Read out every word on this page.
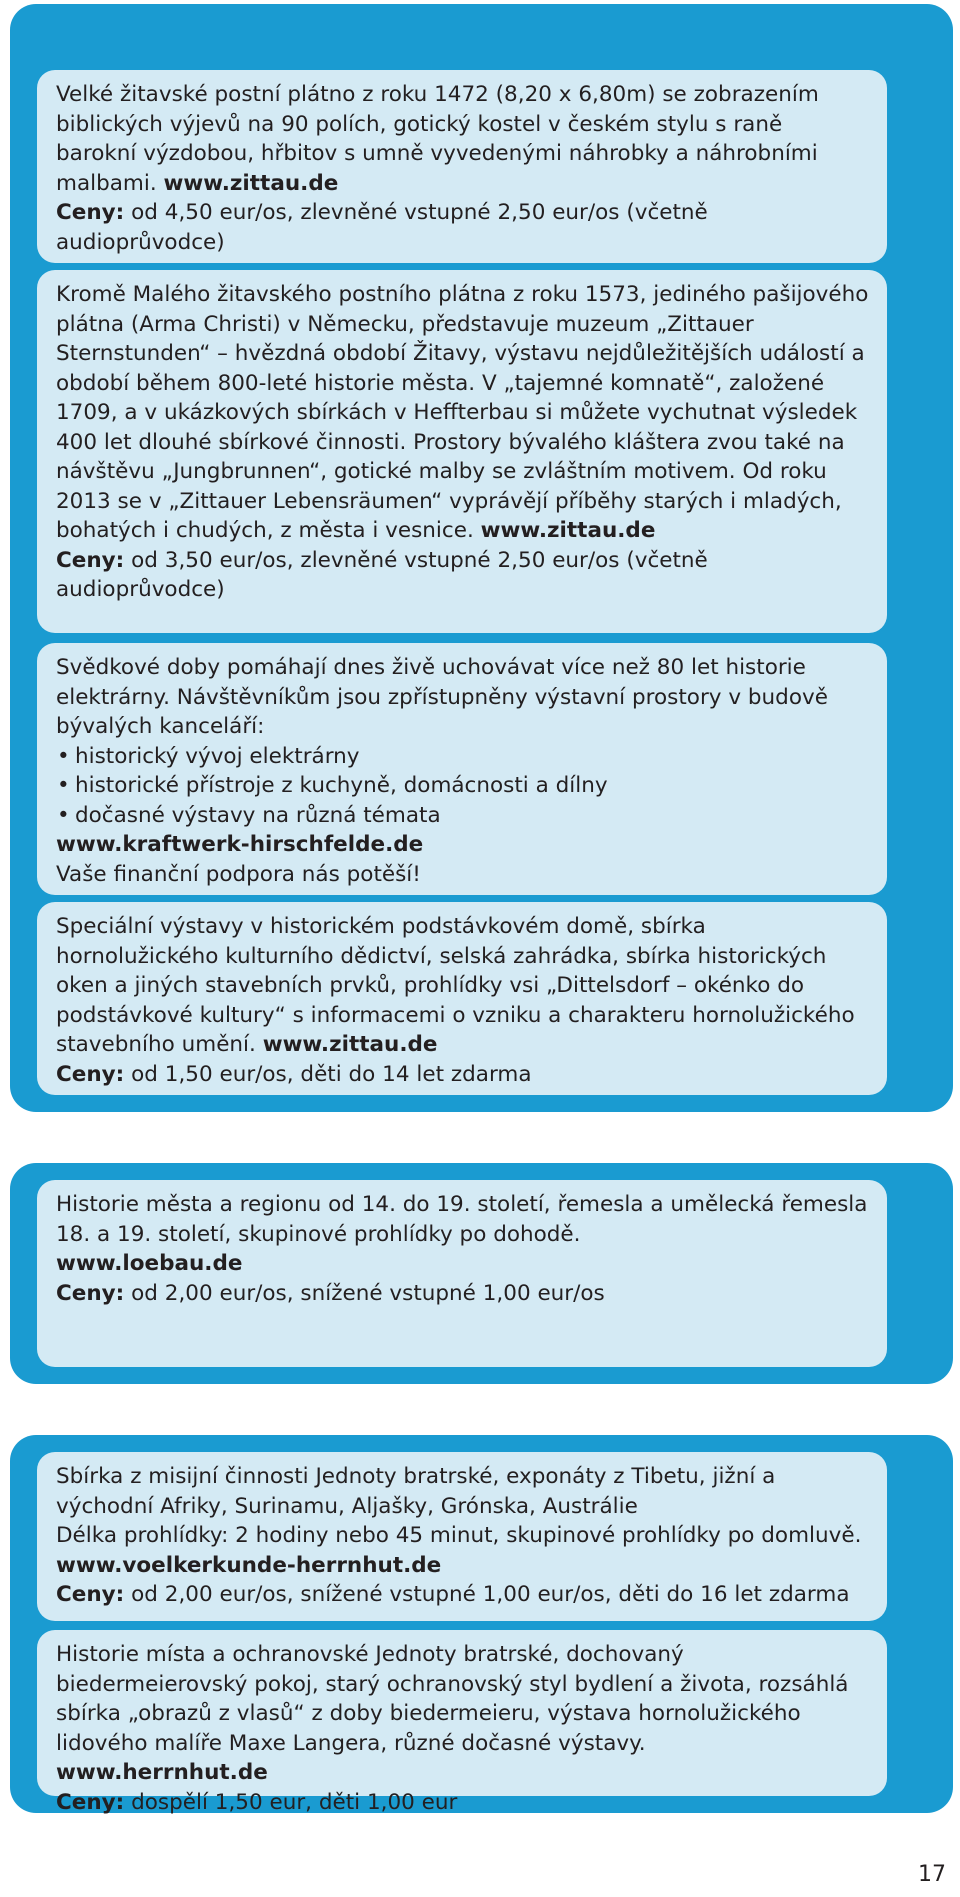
Velké žitavské postní plátno z roku 1472 (8,20 x 6,80m) se zobrazením biblických výjevů na 90 polích, gotický kostel v českém stylu s raně barokní výzdobou, hřbitov s umně vyvedenými náhrobky a náhrobními malbami. www.zittau.de

Ceny: od 4,50 eur/os, zlevněné vstupné 2,50 eur/os (včetně audioprůvodce)

Kromě Malého žitavského postního plátna z roku 1573, jediného pašijového plátna (Arma Christi) v Německu, představuje muzeum „Zittauer Sternstunden“ – hvězdná období Žitavy, výstavu nejdůležitějších událostí a období během 800-leté historie města. V „tajemné komnatě“, založené 1709, a v ukázkových sbírkách v Heffterbau si můžete vychutnat výsledek 400 let dlouhé sbírkové činnosti. Prostory bývalého kláštera zvou také na návštěvu „Jungbrunnen“, gotické malby se zvláštním motivem. Od roku 2013 se v „Zittauer Lebensräumen“ vyprávějí příběhy starých i mladých, bohatých i chudých, z města i vesnice. www.zittau.de

Ceny: od 3,50 eur/os, zlevněné vstupné 2,50 eur/os (včetně audioprůvodce)

Svědkové doby pomáhají dnes živě uchovávat více než 80 let historie elektrárny. Návštěvníkům jsou zpřístupněny výstavní prostory v budově bývalých kanceláří:

• historický vývoj elektrárny
• historické přístroje z kuchyně, domácnosti a dílny
• dočasné výstavy na různá témata

www.kraftwerk-hirschfelde.de

Vaše finanční podpora nás potěší!

Speciální výstavy v historickém podstávkovém domě, sbírka hornolužického kulturního dědictví, selská zahrádka, sbírka historických oken a jiných stavebních prvků, prohlídky vsi „Dittelsdorf – okénko do podstávkové kultury“ s informacemi o vzniku a charakteru hornolužického stavebního umění. www.zittau.de

Ceny: od 1,50 eur/os, děti do 14 let zdarma

Historie města a regionu od 14. do 19. století, řemesla a umělecká řemesla 18. a 19. století, skupinové prohlídky po dohodě.

www.loebau.de

Ceny: od 2,00 eur/os, snížené vstupné 1,00 eur/os

Sbírka z misijní činnosti Jednoty bratrské, exponáty z Tibetu, jižní a východní Afriky, Surinamu, Aljašky, Grónska, Austrálie

Délka prohlídky: 2 hodiny nebo 45 minut, skupinové prohlídky po domluvě. www.voelkerkunde-herrnhut.de

Ceny: od 2,00 eur/os, snížené vstupné 1,00 eur/os, děti do 16 let zdarma

Historie místa a ochranovské Jednoty bratrské, dochovaný biedermeierovský pokoj, starý ochranovský styl bydlení a života, rozsáhlá sbírka „obrazů z vlasů“ z doby biedermeieru, výstava hornolužického lidového malíře Maxe Langera, různé dočasné výstavy.

www.herrnhut.de

Ceny: dospělí 1,50 eur, děti 1,00 eur

17
